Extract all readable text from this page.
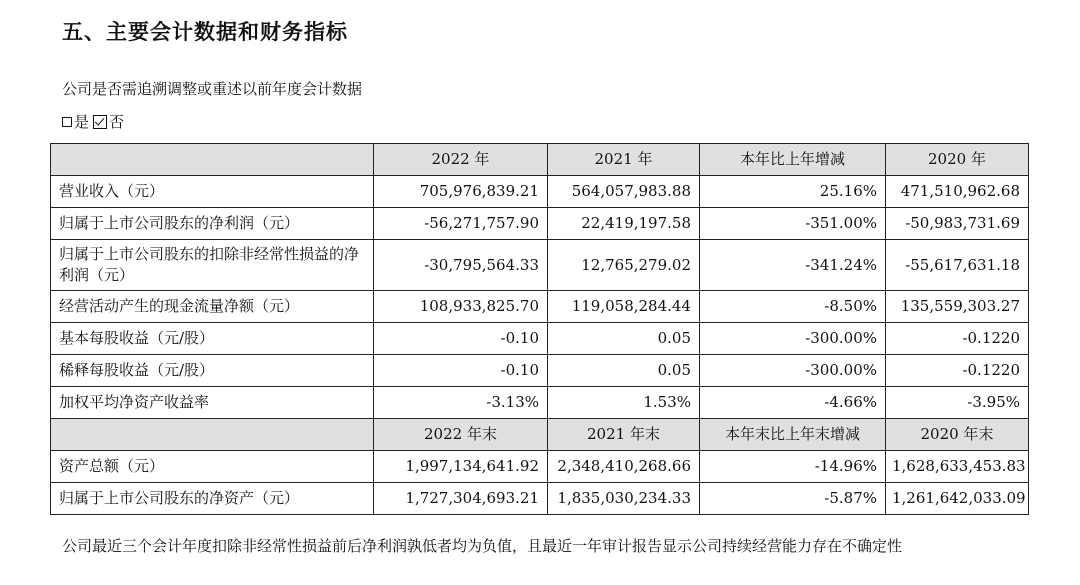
五、主要会计数据和财务指标
公司是否需追溯调整或重述以前年度会计数据
是 否
	2022 年	2021 年	本年比上年增减	2020 年
营业收入（元）	705,976,839.21	564,057,983.88	25.16%	471,510,962.68
归属于上市公司股东的净利润（元）	-56,271,757.90	22,419,197.58	-351.00%	-50,983,731.69
归属于上市公司股东的扣除非经常性损益的净利润（元）	-30,795,564.33	12,765,279.02	-341.24%	-55,617,631.18
经营活动产生的现金流量净额（元）	108,933,825.70	119,058,284.44	-8.50%	135,559,303.27
基本每股收益（元/股）	-0.10	0.05	-300.00%	-0.1220
稀释每股收益（元/股）	-0.10	0.05	-300.00%	-0.1220
加权平均净资产收益率	-3.13%	1.53%	-4.66%	-3.95%
	2022 年末	2021 年末	本年末比上年末增减	2020 年末
资产总额（元）	1,997,134,641.92	2,348,410,268.66	-14.96%	1,628,633,453.83
归属于上市公司股东的净资产（元）	1,727,304,693.21	1,835,030,234.33	-5.87%	1,261,642,033.09
公司最近三个会计年度扣除非经常性损益前后净利润孰低者均为负值，且最近一年审计报告显示公司持续经营能力存在不确定性
